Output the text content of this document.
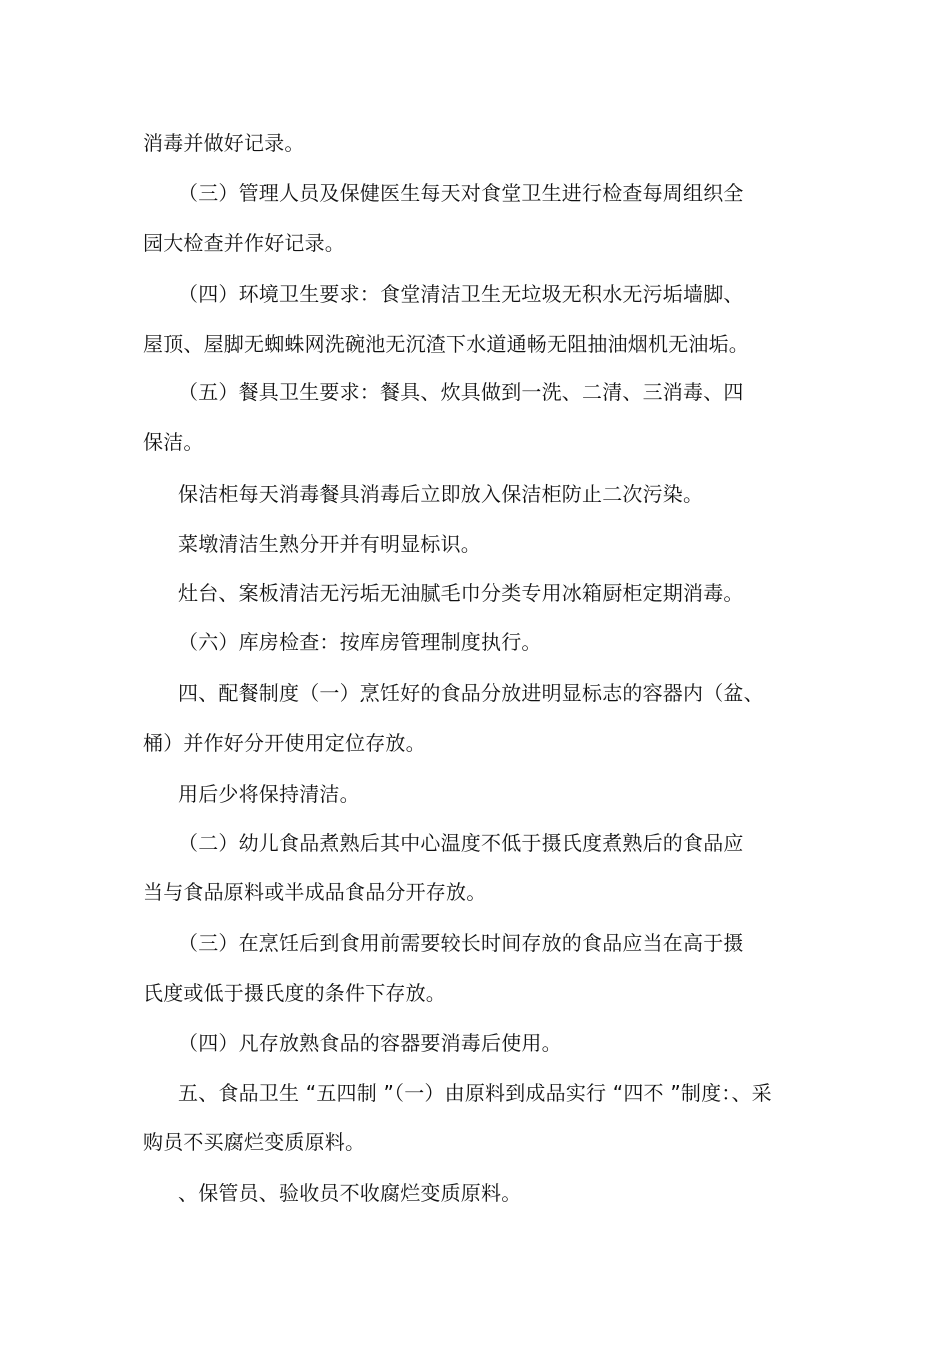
消毒并做好记录。

（三）管理人员及保健医生每天对食堂卫生进行检查每周组织全

园大检查并作好记录。

（四）环境卫生要求：食堂清洁卫生无垃圾无积水无污垢墙脚、

屋顶、屋脚无蜘蛛网洗碗池无沉渣下水道通畅无阻抽油烟机无油垢。

（五）餐具卫生要求：餐具、炊具做到一洗、二清、三消毒、四

保洁。

保洁柜每天消毒餐具消毒后立即放入保洁柜防止二次污染。

菜墩清洁生熟分开并有明显标识。

灶台、案板清洁无污垢无油腻毛巾分类专用冰箱厨柜定期消毒。

（六）库房检查：按库房管理制度执行。

四、配餐制度（一）烹饪好的食品分放进明显标志的容器内（盆、

桶）并作好分开使用定位存放。

用后少将保持清洁。

（二）幼儿食品煮熟后其中心温度不低于摄氏度煮熟后的食品应

当与食品原料或半成品食品分开存放。

（三）在烹饪后到食用前需要较长时间存放的食品应当在高于摄

氏度或低于摄氏度的条件下存放。

（四）凡存放熟食品的容器要消毒后使用。

五、食品卫生 “五四制 ”（一）由原料到成品实行 “四不 ”制度：、采

购员不买腐烂变质原料。

、保管员、验收员不收腐烂变质原料。
